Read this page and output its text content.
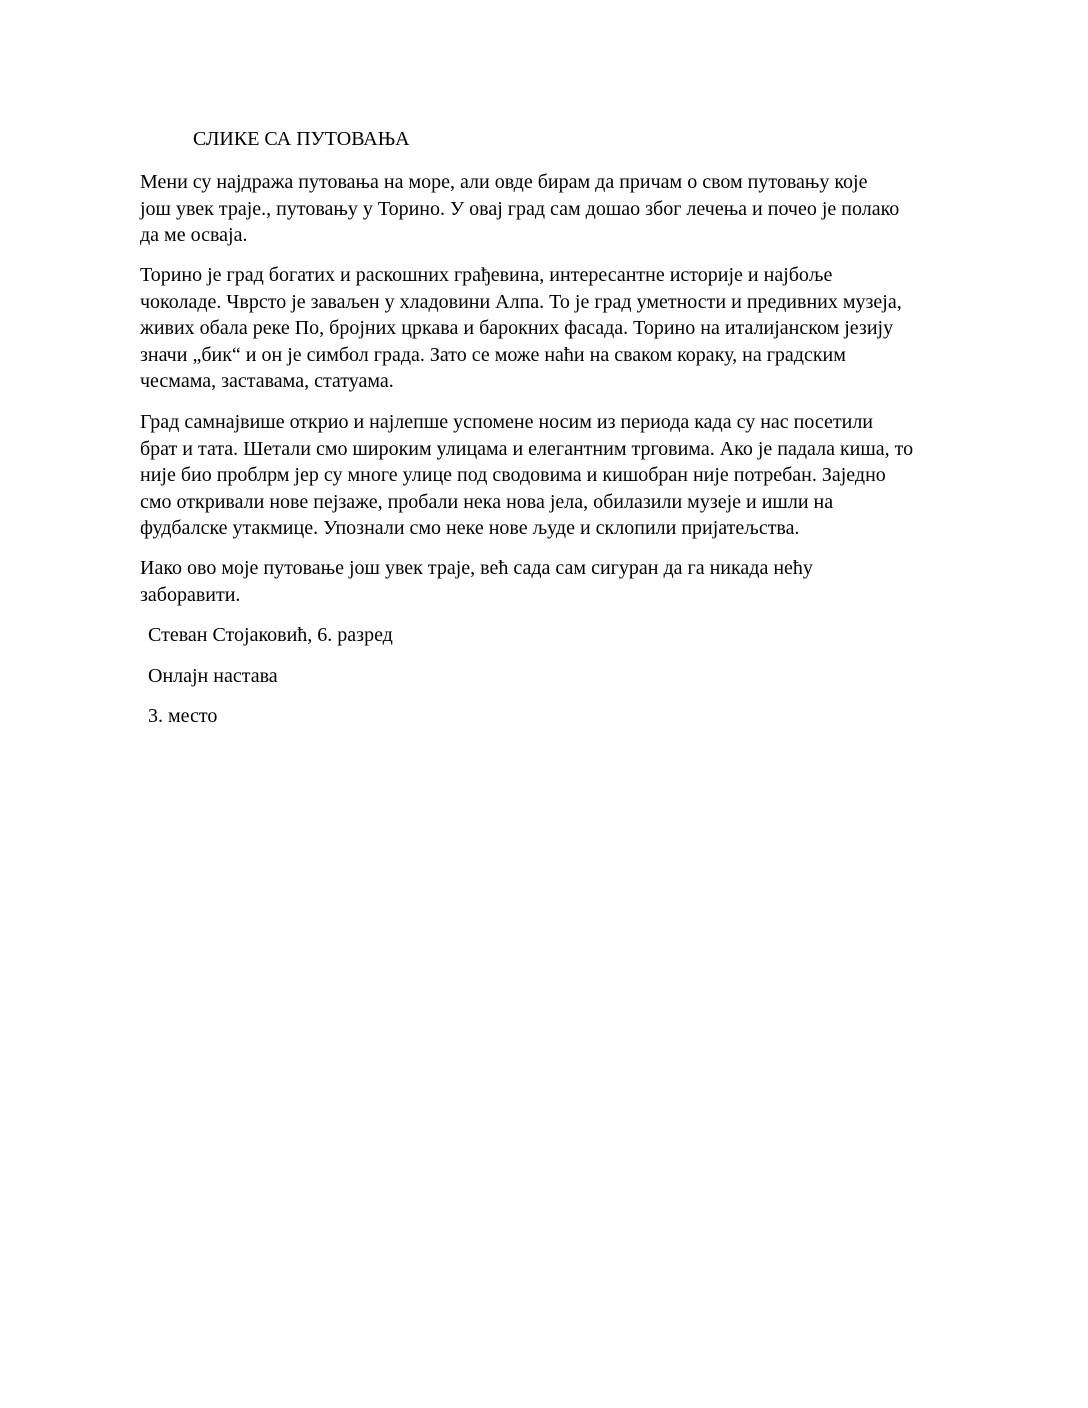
СЛИКЕ СА ПУТОВАЊА
Мени су најдража путовања на море, али овде бирам да причам о свом путовању које
још увек траје., путовању у Торино. У овај град сам дошао због лечења и почео је полако
да ме осваја.
Торино је град богатих и раскошних грађевина, интересантне историје и најбоље
чоколаде. Чврсто је заваљен у хладовини Алпа. То је град уметности и предивних музеја,
живих обала реке По, бројних цркава и барокних фасада. Торино на италијанском језију
значи „бик“ и он је симбол града. Зато се може наћи на сваком кораку, на градским
чесмама, заставама, статуама.
Град самнајвише открио и најлепше успомене носим из периода када су нас посетили
брат и тата. Шетали смо широким улицама и елегантним трговима. Ако је падала киша, то
није био проблрм јер су многе улице под сводовима и кишобран није потребан. Заједно
смо откривали нове пејзаже, пробали нека нова јела, обилазили музеје и ишли на
фудбалске утакмице. Упознали смо неке нове људе и склопили пријатељства.
Иако ово моје путовање још увек траје, већ сада сам сигуран да га никада нећу
заборавити.
Стеван Стојаковић, 6. разред
Онлајн настава
3. место
